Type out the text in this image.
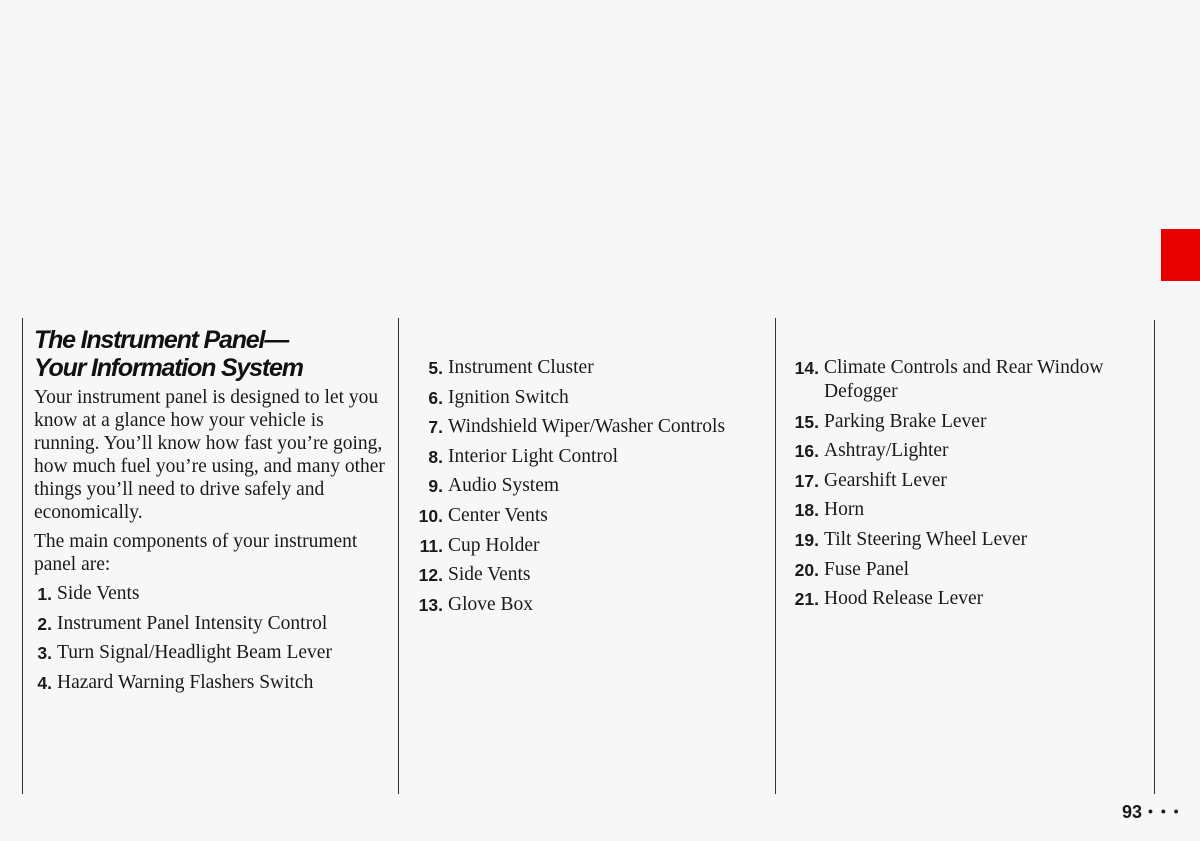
The Instrument Panel—
Your Information System

Your instrument panel is designed to let you know at a glance how your vehicle is running. You’ll know how fast you’re going, how much fuel you’re using, and many other things you’ll need to drive safely and economically.

The main components of your instrument panel are:

1. Side Vents
2. Instrument Panel Intensity Control
3. Turn Signal/Headlight Beam Lever
4. Hazard Warning Flashers Switch
5. Instrument Cluster
6. Ignition Switch
7. Windshield Wiper/Washer Controls
8. Interior Light Control
9. Audio System
10. Center Vents
11. Cup Holder
12. Side Vents
13. Glove Box
14. Climate Controls and Rear Window Defogger
15. Parking Brake Lever
16. Ashtray/Lighter
17. Gearshift Lever
18. Horn
19. Tilt Steering Wheel Lever
20. Fuse Panel
21. Hood Release Lever
93 • • •
